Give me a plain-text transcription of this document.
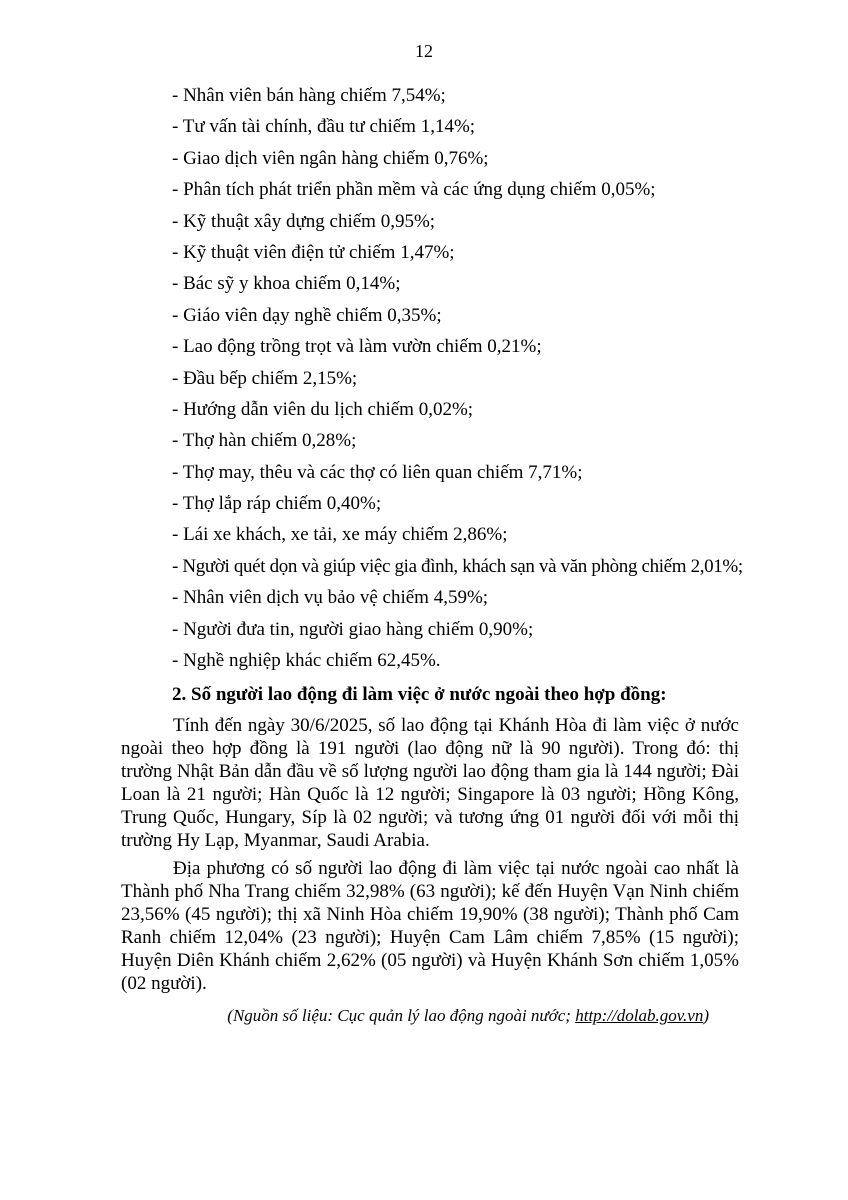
12
- Nhân viên bán hàng chiếm 7,54%;
- Tư vấn tài chính, đầu tư chiếm 1,14%;
- Giao dịch viên ngân hàng chiếm 0,76%;
- Phân tích phát triển phần mềm và các ứng dụng chiếm 0,05%;
- Kỹ thuật xây dựng chiếm 0,95%;
- Kỹ thuật viên điện tử chiếm 1,47%;
- Bác sỹ y khoa chiếm 0,14%;
- Giáo viên dạy nghề chiếm 0,35%;
- Lao động trồng trọt và làm vườn chiếm 0,21%;
- Đầu bếp chiếm 2,15%;
- Hướng dẫn viên du lịch chiếm 0,02%;
- Thợ hàn chiếm 0,28%;
- Thợ may, thêu và các thợ có liên quan chiếm 7,71%;
- Thợ lắp ráp chiếm 0,40%;
- Lái xe khách, xe tải, xe máy chiếm 2,86%;
- Người quét dọn và giúp việc gia đình, khách sạn và văn phòng chiếm 2,01%;
- Nhân viên dịch vụ bảo vệ chiếm 4,59%;
- Người đưa tin, người giao hàng chiếm 0,90%;
- Nghề nghiệp khác chiếm 62,45%.
2. Số người lao động đi làm việc ở nước ngoài theo hợp đồng:

Tính đến ngày 30/6/2025, số lao động tại Khánh Hòa đi làm việc ở nước ngoài theo hợp đồng là 191 người (lao động nữ là 90 người). Trong đó: thị trường Nhật Bản dẫn đầu về số lượng người lao động tham gia là 144 người; Đài Loan là 21 người; Hàn Quốc là 12 người; Singapore là 03 người; Hồng Kông, Trung Quốc, Hungary, Síp là 02 người; và tương ứng 01 người đối với mỗi thị trường Hy Lạp, Myanmar, Saudi Arabia.

Địa phương có số người lao động đi làm việc tại nước ngoài cao nhất là Thành phố Nha Trang chiếm 32,98% (63 người); kế đến Huyện Vạn Ninh chiếm 23,56% (45 người); thị xã Ninh Hòa chiếm 19,90% (38 người); Thành phố Cam Ranh chiếm 12,04% (23 người); Huyện Cam Lâm chiếm 7,85% (15 người); Huyện Diên Khánh chiếm 2,62% (05 người) và Huyện Khánh Sơn chiếm 1,05% (02 người).

(Nguồn số liệu: Cục quản lý lao động ngoài nước; http://dolab.gov.vn)
